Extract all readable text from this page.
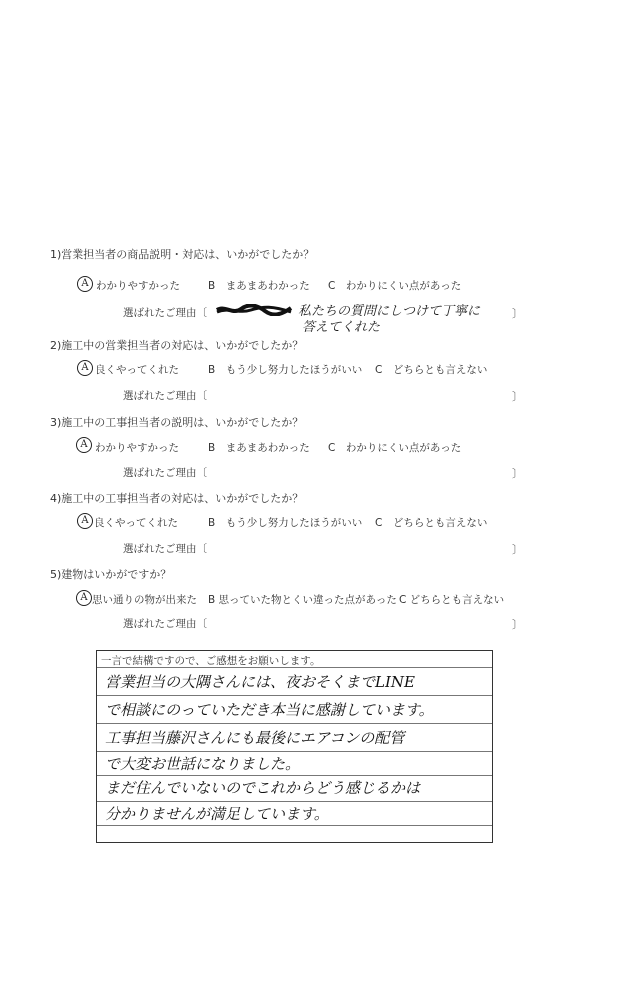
1)営業担当者の商品説明・対応は、いかがでしたか？
A わかりやすかった	B　まあまあわかった C　わかりにくい点があった
選ばれたご理由〔	私たちの質問にしつけて丁寧に
答えてくれた
〕
2)施工中の営業担当者の対応は、いかがでしたか？
A 良くやってくれた	B　もう少し努力したほうがいい C　どちらとも言えない
選ばれたご理由〔	〕
3)施工中の工事担当者の説明は、いかがでしたか？
A わかりやすかった	B　まあまあわかった C　わかりにくい点があった
選ばれたご理由〔	〕
4)施工中の工事担当者の対応は、いかがでしたか？
A 良くやってくれた	B　もう少し努力したほうがいい C　どちらとも言えない
選ばれたご理由〔	〕
5)建物はいかがですか？
A 思い通りの物が出来た B 思っていた物とくい違った点があった C どちらとも言えない
選ばれたご理由〔	〕
一言で結構ですので、ご感想をお願いします。
営業担当の大隅さんには、夜おそくまでLINE
で相談にのっていただき本当に感謝しています。
工事担当藤沢さんにも最後にエアコンの配管
で大変お世話になりました。
まだ住んでいないのでこれからどう感じるかは
分かりませんが満足しています。
